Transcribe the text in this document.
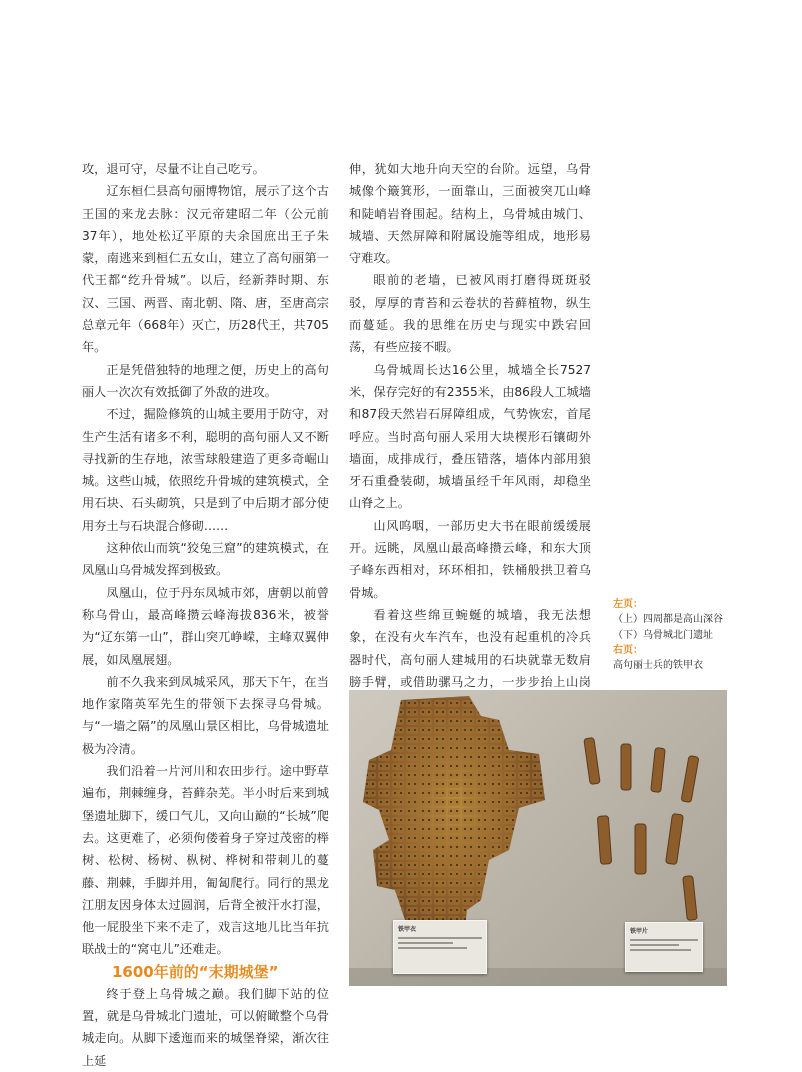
攻，退可守，尽量不让自己吃亏。

辽东桓仁县高句丽博物馆，展示了这个古王国的来龙去脉：汉元帝建昭二年（公元前37年），地处松辽平原的夫余国庶出王子朱蒙，南逃来到桓仁五女山，建立了高句丽第一代王都“纥升骨城”。以后，经新莽时期、东汉、三国、两晋、南北朝、隋、唐，至唐高宗总章元年（668年）灭亡，历28代王，共705年。

正是凭借独特的地理之便，历史上的高句丽人一次次有效抵御了外敌的进攻。

不过，掘险修筑的山城主要用于防守，对生产生活有诸多不利，聪明的高句丽人又不断寻找新的生存地，浓雪球般建造了更多奇崛山城。这些山城，依照纥升骨城的建筑模式，全用石块、石头砌筑，只是到了中后期才部分使用夯土与石块混合修砌……

这种依山而筑“狡兔三窟”的建筑模式，在凤凰山乌骨城发挥到极致。

凤凰山，位于丹东凤城市郊，唐朝以前曾称乌骨山，最高峰攒云峰海拔836米，被誉为“辽东第一山”，群山突兀峥嵘，主峰双翼伸展，如凤凰展翅。

前不久我来到凤城采风，那天下午，在当地作家隋英军先生的带领下去探寻乌骨城。与“一墙之隔”的凤凰山景区相比，乌骨城遗址极为冷清。

我们沿着一片河川和农田步行。途中野草遍布，荆棘缠身，苔藓杂芜。半小时后来到城堡遗址脚下，缓口气儿，又向山巅的“长城”爬去。这更难了，必须佝偻着身子穿过茂密的榉树、松树、杨树、枞树、桦树和带刺儿的蔓藤、荆棘，手脚并用，匍匐爬行。同行的黑龙江朋友因身体太过圆润，后背全被汗水打湿，他一屁股坐下来不走了，戏言这地儿比当年抗联战士的“窝屯儿”还难走。

1600年前的“末期城堡”

终于登上乌骨城之巅。我们脚下站的位置，就是乌骨城北门遗址，可以俯瞰整个乌骨城走向。从脚下逶迤而来的城堡脊梁，渐次往上延

伸，犹如大地升向天空的台阶。远望，乌骨城像个簸箕形，一面靠山，三面被突兀山峰和陡峭岩脊围起。结构上，乌骨城由城门、城墙、天然屏障和附属设施等组成，地形易守难攻。

眼前的老墙，已被风雨打磨得斑斑驳驳，厚厚的青苔和云卷状的苔藓植物，纵生而蔓延。我的思维在历史与现实中跌宕回荡，有些应接不暇。

乌骨城周长达16公里，城墙全长7527米，保存完好的有2355米，由86段人工城墙和87段天然岩石屏障组成，气势恢宏，首尾呼应。当时高句丽人采用大块楔形石镶砌外墙面，成排成行，叠压错落，墙体内部用狼牙石重叠装砌，城墙虽经千年风雨，却稳坐山脊之上。

山风呜咽，一部历史大书在眼前缓缓展开。远眺，凤凰山最高峰攒云峰，和东大顶子峰东西相对，环环相扣，铁桶般拱卫着乌骨城。

看着这些绵亘蜿蜒的城墙，我无法想象，在没有火车汽车，也没有起重机的冷兵器时代，高句丽人建城用的石块就靠无数肩膀手臂，或借助骡马之力，一步步抬上山岗

左页：
（上）四周都是高山深谷
（下）乌骨城北门遗址
右页：
高句丽士兵的铁甲衣
铁甲衣	铁甲片
